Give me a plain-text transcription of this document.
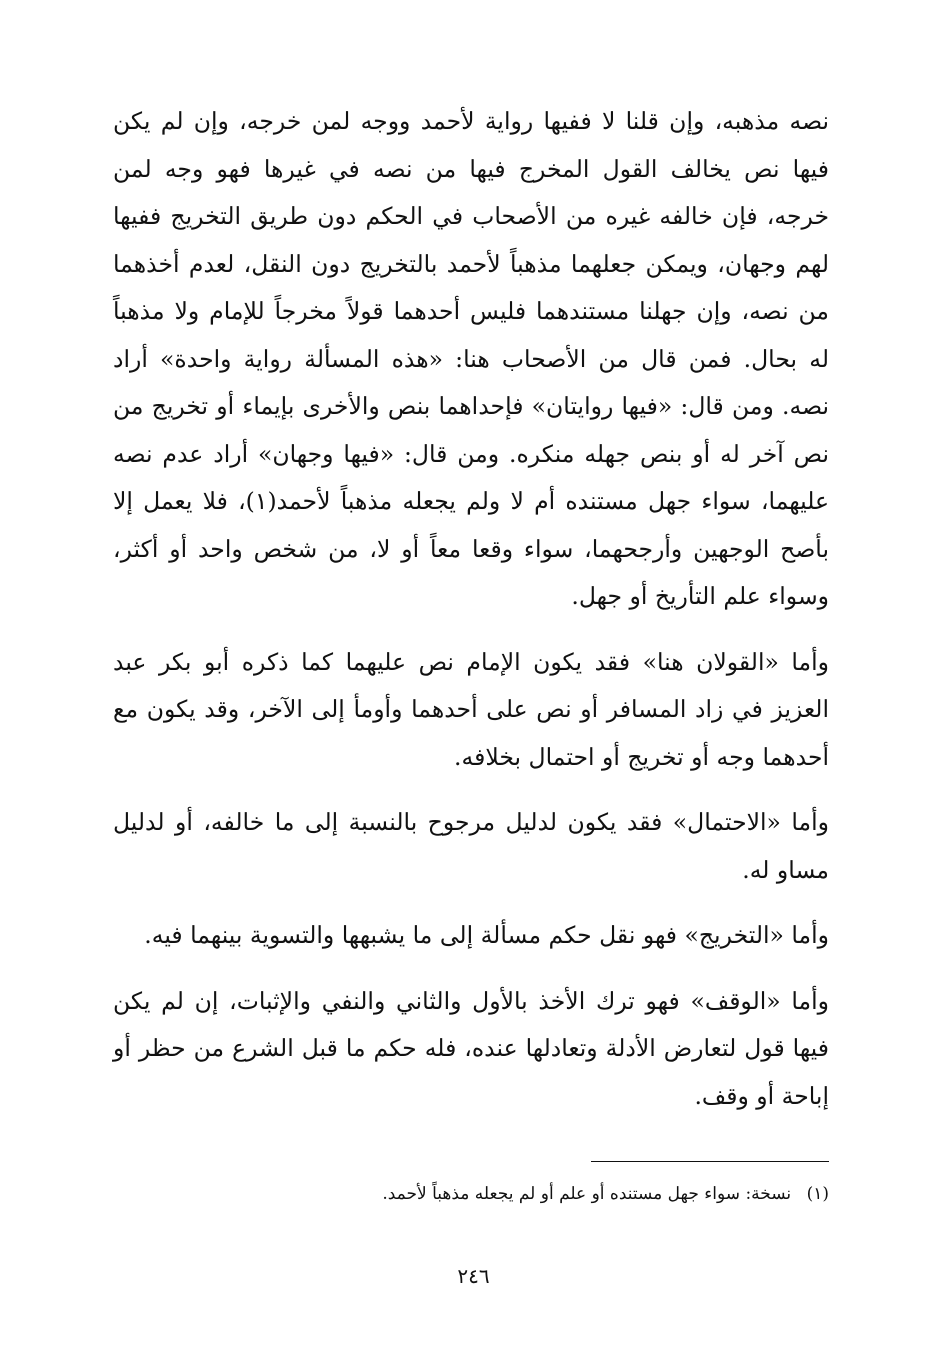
نصه مذهبه، وإن قلنا لا ففيها رواية لأحمد ووجه لمن خرجه، وإن لم يكن فيها نص يخالف القول المخرج فيها من نصه في غيرها فهو وجه لمن خرجه، فإن خالفه غيره من الأصحاب في الحكم دون طريق التخريج ففيها لهم وجهان، ويمكن جعلهما مذهباً لأحمد بالتخريج دون النقل، لعدم أخذهما من نصه، وإن جهلنا مستندهما فليس أحدهما قولاً مخرجاً للإمام ولا مذهباً له بحال. فمن قال من الأصحاب هنا: «هذه المسألة رواية واحدة» أراد نصه. ومن قال: «فيها روايتان» فإحداهما بنص والأخرى بإيماء أو تخريج من نص آخر له أو بنص جهله منكره. ومن قال: «فيها وجهان» أراد عدم نصه عليهما، سواء جهل مستنده أم لا ولم يجعله مذهباً لأحمد(١)، فلا يعمل إلا بأصح الوجهين وأرجحهما، سواء وقعا معاً أو لا، من شخص واحد أو أكثر، وسواء علم التأريخ أو جهل.

وأما «القولان هنا» فقد يكون الإمام نص عليهما كما ذكره أبو بكر عبد العزيز في زاد المسافر أو نص على أحدهما وأومأ إلى الآخر، وقد يكون مع أحدهما وجه أو تخريج أو احتمال بخلافه.

وأما «الاحتمال» فقد يكون لدليل مرجوح بالنسبة إلى ما خالفه، أو لدليل مساو له.

وأما «التخريج» فهو نقل حكم مسألة إلى ما يشبهها والتسوية بينهما فيه.

وأما «الوقف» فهو ترك الأخذ بالأول والثاني والنفي والإثبات، إن لم يكن فيها قول لتعارض الأدلة وتعادلها عنده، فله حكم ما قبل الشرع من حظر أو إباحة أو وقف.

(١) نسخة: سواء جهل مستنده أو علم أو لم يجعله مذهباً لأحمد.

٢٤٦
